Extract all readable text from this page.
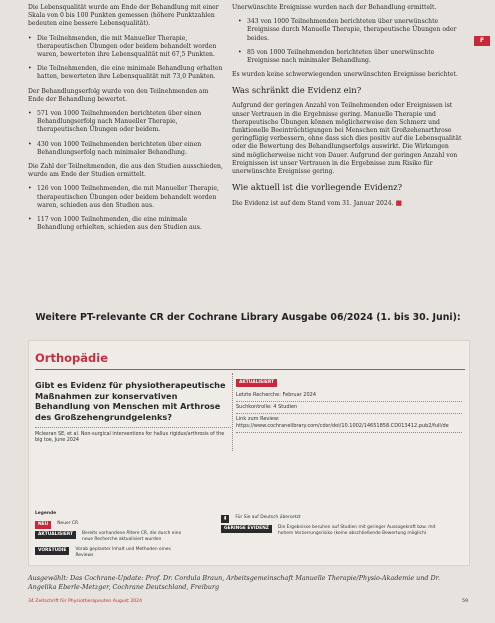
Die Lebensqualität wurde am Ende der Behandlung mit einer Skala von 0 bis 100 Punkten gemessen (höhere Punktzahlen bedeuten eine bessere Lebensqualität).

• Die Teilnehmenden, die mit Manueller Therapie, therapeutischen Übungen oder beidem behandelt worden waren, bewerteten ihre Lebensqualität mit 67,5 Punkten.
• Die Teilnehmenden, die eine minimale Behandlung erhalten hatten, bewerteten ihre Lebensqualität mit 73,0 Punkten.

Der Behandlungserfolg wurde von den Teilnehmenden am Ende der Behandlung bewertet.

• 571 von 1000 Teilnehmenden berichteten über einen Behandlungserfolg nach Manueller Therapie, therapeutischen Übungen oder beidem.
• 430 von 1000 Teilnehmenden berichteten über einen Behandlungserfolg nach minimaler Behandlung.

Die Zahl der Teilnehmenden, die aus den Studien ausschieden, wurde am Ende der Studien ermittelt.

• 126 von 1000 Teilnehmenden, die mit Manueller Therapie, therapeutischen Übungen oder beidem behandelt worden waren, schieden aus den Studien aus.
• 117 von 1000 Teilnehmenden, die eine minimale Behandlung erhielten, schieden aus den Studien aus.

Unerwünschte Ereignisse wurden nach der Behandlung ermittelt.

• 343 von 1000 Teilnehmenden berichteten über unerwünschte Ereignisse durch Manuelle Therapie, therapeutische Übungen oder beides.
• 85 von 1000 Teilnehmenden berichteten über unerwünschte Ereignisse nach minimaler Behandlung.

Es wurden keine schwerwiegenden unerwünschten Ereignisse berichtet.

Was schränkt die Evidenz ein?

Aufgrund der geringen Anzahl von Teilnehmenden oder Ereignissen ist unser Vertrauen in die Ergebnisse gering. Manuelle Therapie und therapeutische Übungen können möglicherweise den Schmerz und funktionelle Beeinträchtigungen bei Menschen mit Großzehenarthrose geringfügig verbessern, ohne dass sich dies positiv auf die Lebensqualität oder die Bewertung des Behandlungserfolgs auswirkt. Die Wirkungen sind möglicherweise nicht von Dauer. Aufgrund der geringen Anzahl von Ereignissen ist unser Vertrauen in die Ergebnisse zum Risiko für unerwünschte Ereignisse gering.

Wie aktuell ist die vorliegende Evidenz?

Die Evidenz ist auf dem Stand vom 31. Januar 2024. ■

F
Weitere PT-relevante CR der Cochrane Library Ausgabe 06/2024 (1. bis 30. Juni):
Orthopädie
Gibt es Evidenz für physiotherapeutische Maßnahmen zur konservativen Behandlung von Menschen mit Arthrose des Großzehengrundgelenks?
Mclesran SE, et al. Non-surgical interventions for hallux rigidus/arthrosis of the big toe, June 2024
AKTUALISIERT
Letzte Recherche: Februar 2024
Suchkontrolle: 4 Studien
Link zum Review: https://www.cochranelibrary.com/cdsr/doi/10.1002/14651858.CD013412.pub2/full/de
Legende
NEU	Neuer CR
AKTUALISIERT	Bereits vorhandene Ältere CR, die durch eine neue Recherche aktualisiert wurden
VORSTUDIE	Vorab geplanter Inhalt und Methoden eines Reviews
▮	Für Sie auf Deutsch übersetzt
GERINGE EVIDENZ	Die Ergebnisse beruhen auf Studien mit geringer Aussagekraft bzw. mit hohem Verzerrungsrisiko (keine abschließende Bewertung möglich)
Ausgewählt: Das Cochrane-Update: Prof. Dr. Cordula Braun, Arbeitsgemeinschaft Manuelle Therapie/Physio-Akademie und Dr. Angelika Eberle-Metzger, Cochrane Deutschland, Freiburg
34 Zeitschrift für Physiotherapeuten August 2024	59
